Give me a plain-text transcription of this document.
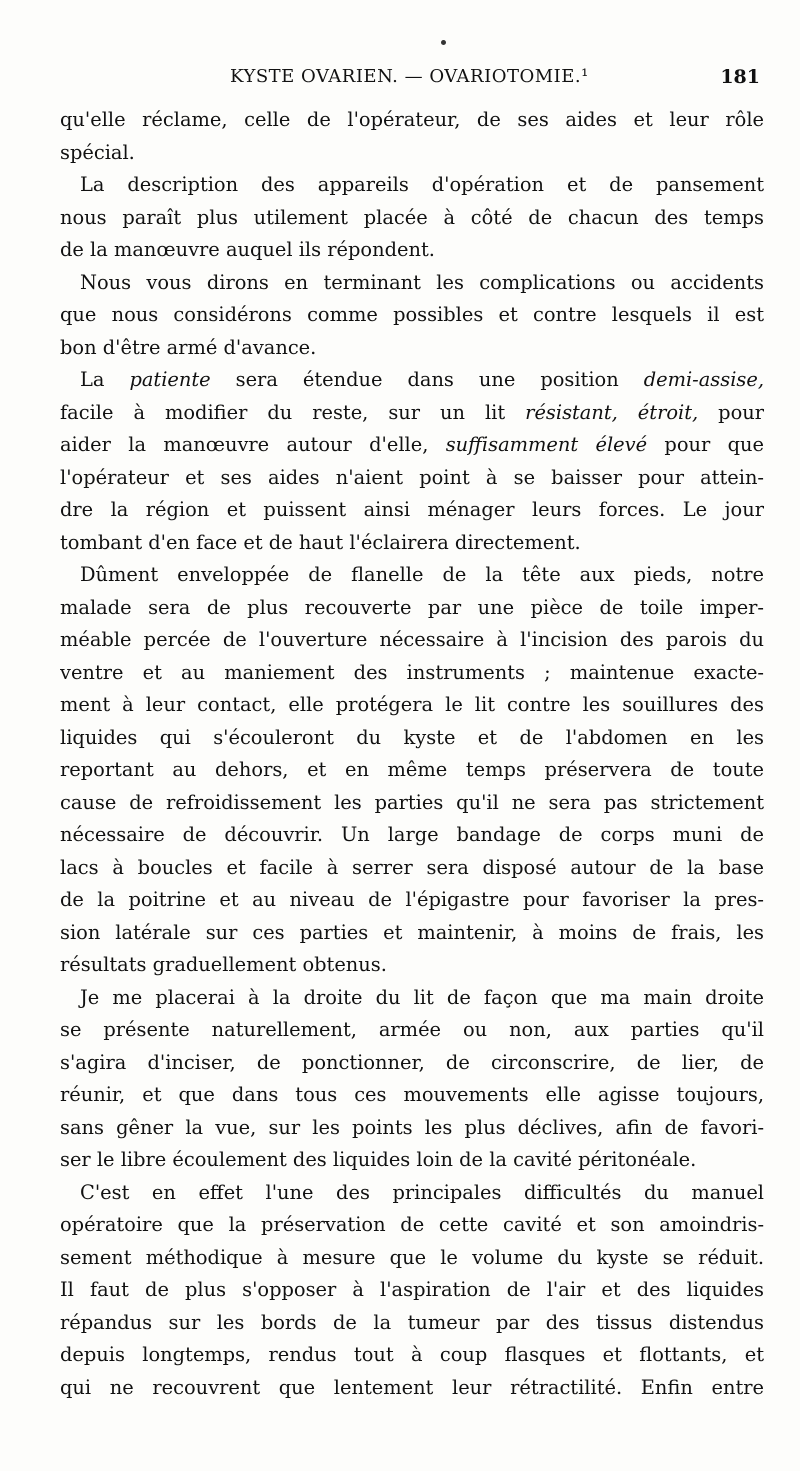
KYSTE OVARIEN. — OVARIOTOMIE.¹	181
qu'elle réclame, celle de l'opérateur, de ses aides et leur rôle
spécial.
La description des appareils d'opération et de pansement
nous paraît plus utilement placée à côté de chacun des temps
de la manœuvre auquel ils répondent.
Nous vous dirons en terminant les complications ou accidents
que nous considérons comme possibles et contre lesquels il est
bon d'être armé d'avance.
La patiente sera étendue dans une position demi-assise,
facile à modifier du reste, sur un lit résistant, étroit, pour
aider la manœuvre autour d'elle, suffisamment élevé pour que
l'opérateur et ses aides n'aient point à se baisser pour attein-
dre la région et puissent ainsi ménager leurs forces. Le jour
tombant d'en face et de haut l'éclairera directement.
Dûment enveloppée de flanelle de la tête aux pieds, notre
malade sera de plus recouverte par une pièce de toile imper-
méable percée de l'ouverture nécessaire à l'incision des parois du
ventre et au maniement des instruments ; maintenue exacte-
ment à leur contact, elle protégera le lit contre les souillures des
liquides qui s'écouleront du kyste et de l'abdomen en les
reportant au dehors, et en même temps préservera de toute
cause de refroidissement les parties qu'il ne sera pas strictement
nécessaire de découvrir. Un large bandage de corps muni de
lacs à boucles et facile à serrer sera disposé autour de la base
de la poitrine et au niveau de l'épigastre pour favoriser la pres-
sion latérale sur ces parties et maintenir, à moins de frais, les
résultats graduellement obtenus.
Je me placerai à la droite du lit de façon que ma main droite
se présente naturellement, armée ou non, aux parties qu'il
s'agira d'inciser, de ponctionner, de circonscrire, de lier, de
réunir, et que dans tous ces mouvements elle agisse toujours,
sans gêner la vue, sur les points les plus déclives, afin de favori-
ser le libre écoulement des liquides loin de la cavité péritonéale.
C'est en effet l'une des principales difficultés du manuel
opératoire que la préservation de cette cavité et son amoindris-
sement méthodique à mesure que le volume du kyste se réduit.
Il faut de plus s'opposer à l'aspiration de l'air et des liquides
répandus sur les bords de la tumeur par des tissus distendus
depuis longtemps, rendus tout à coup flasques et flottants, et
qui ne recouvrent que lentement leur rétractilité. Enfin entre
